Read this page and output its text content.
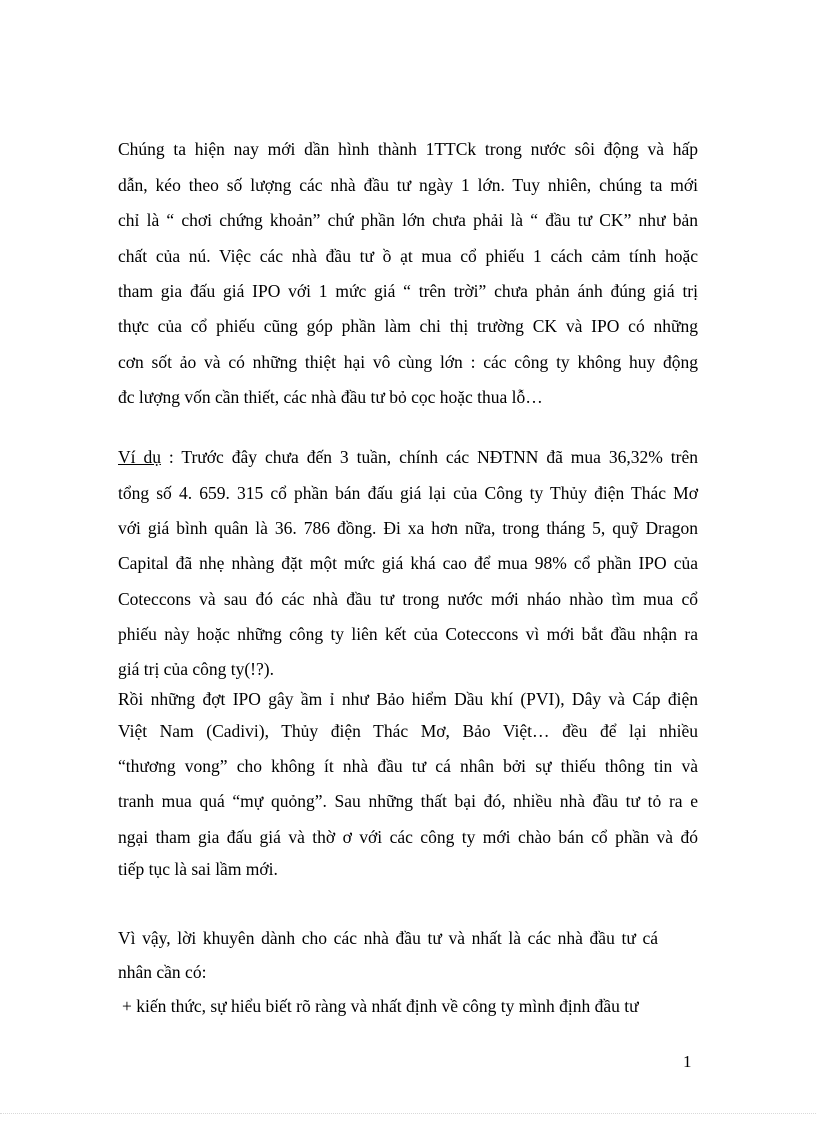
Chúng ta hiện nay mới dần hình thành 1TTCk trong nước sôi động và hấp
dẫn, kéo theo số lượng các nhà đầu tư ngày 1 lớn. Tuy nhiên, chúng ta mới
chỉ là “ chơi chứng khoản” chứ phần lớn chưa phải là “ đầu tư CK” như bản
chất của nú. Việc các nhà đầu tư ồ ạt mua cổ phiếu 1 cách cảm tính hoặc
tham gia đấu giá IPO với 1 mức giá “ trên trời” chưa phản ánh đúng giá trị
thực của cổ phiếu cũng góp phần làm chi thị trường CK và IPO có những
cơn sốt ảo và có những thiệt hại vô cùng lớn : các công ty không huy động
đc lượng vốn cần thiết, các nhà đầu tư bỏ cọc hoặc thua lỗ…
Ví dụ : Trước đây chưa đến 3 tuần, chính các NĐTNN đã mua 36,32% trên
tổng số 4. 659. 315 cổ phần bán đấu giá lại của Công ty Thủy điện Thác Mơ
với giá bình quân là 36. 786 đồng. Đi xa hơn nữa, trong tháng 5, quỹ Dragon
Capital đã nhẹ nhàng đặt một mức giá khá cao để mua 98% cổ phần IPO của
Coteccons và sau đó các nhà đầu tư trong nước mới nháo nhào tìm mua cổ
phiếu này hoặc những công ty liên kết của Coteccons vì mới bắt đầu nhận ra
giá trị của công ty(!?).
Rồi những đợt IPO gây ầm ỉ như Bảo hiểm Dầu khí (PVI), Dây và Cáp điện
Việt Nam (Cadivi), Thủy điện Thác Mơ, Bảo Việt… đều để lại nhiều
“thương vong” cho không ít nhà đầu tư cá nhân bởi sự thiếu thông tin và
tranh mua quá “mự quỏng”. Sau những thất bại đó, nhiều nhà đầu tư tỏ ra e
ngại tham gia đấu giá và thờ ơ với các công ty mới chào bán cổ phần và đó
tiếp tục là sai lầm mới.
Vì vậy, lời khuyên dành cho các nhà đầu tư và nhất là các nhà đầu tư cá
nhân cần có:
+ kiến thức, sự hiểu biết rõ ràng và nhất định về công ty mình định đầu tư
1
